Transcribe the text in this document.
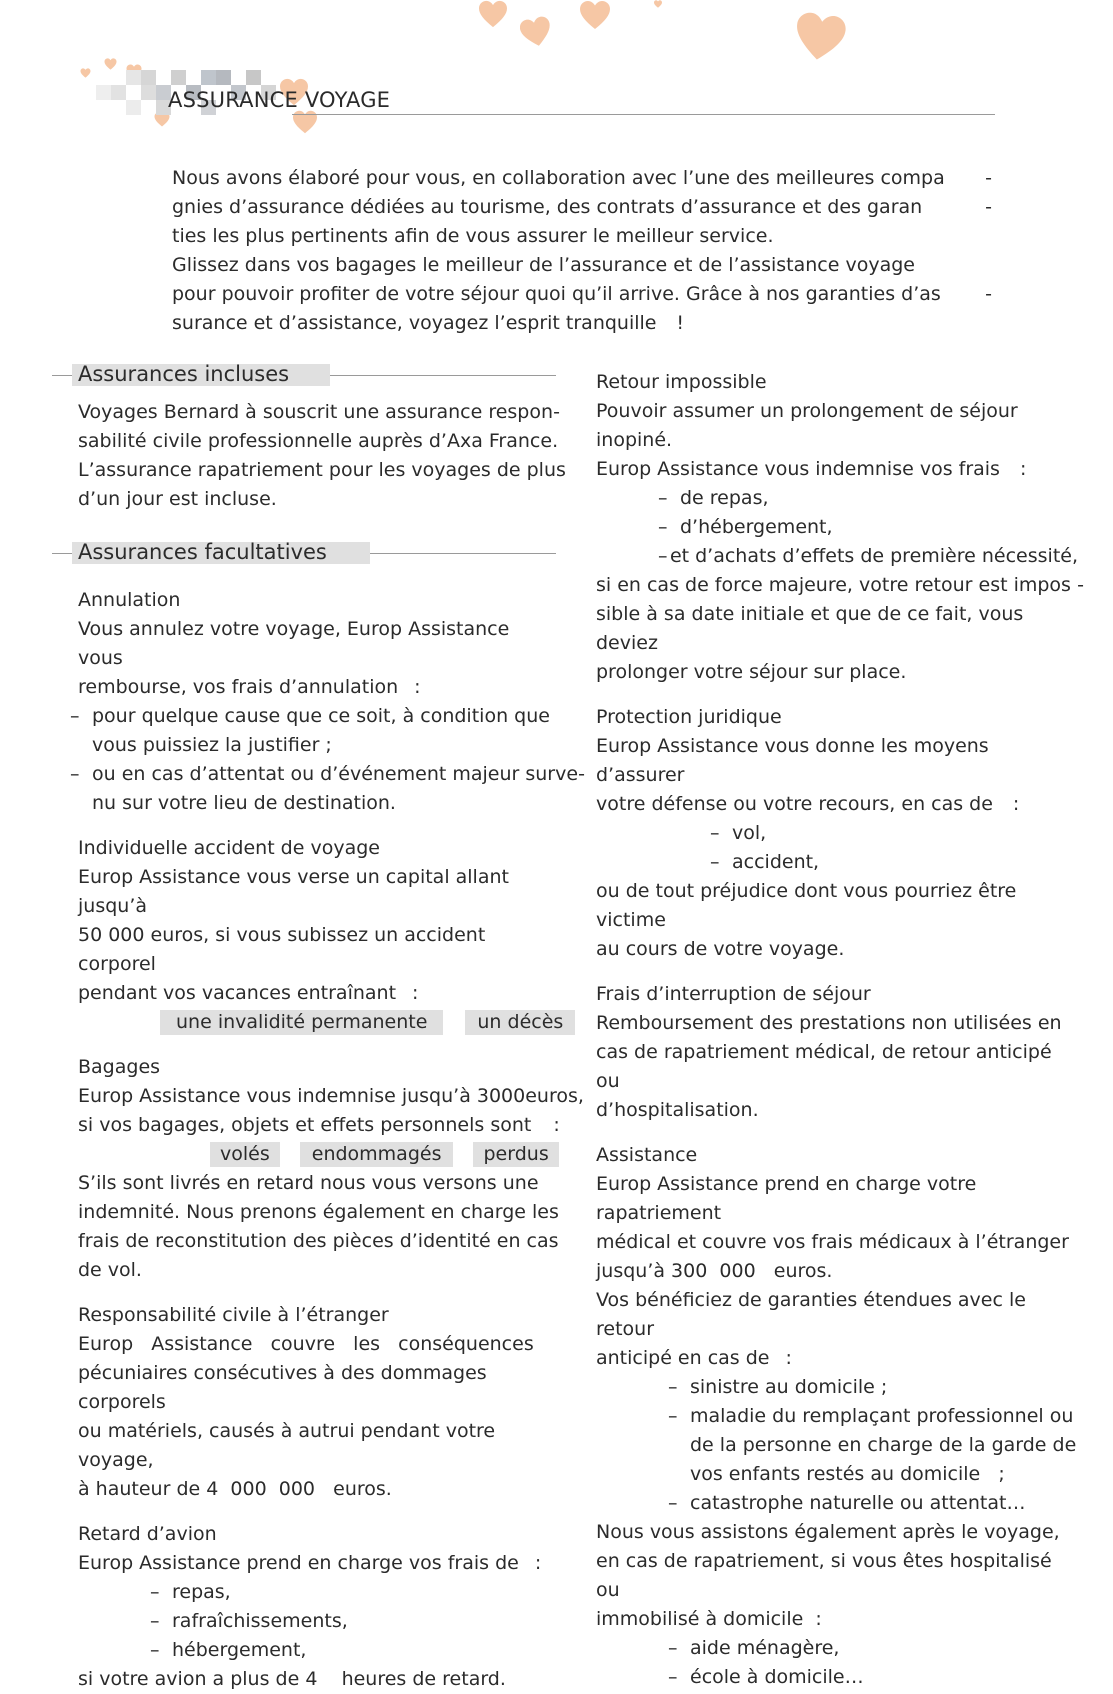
ASSURANCE VOYAGE
Nous avons élaboré pour vous, en collaboration avec l’une des meilleures compa -
gnies d’assurance dédiées au tourisme, des contrats d’assurance et des garan	-
ties les plus pertinents afin de vous assurer le meilleur service.
Glissez dans vos bagages le meilleur de l’assurance et de l’assistance voyage
pour pouvoir profiter de votre séjour quoi qu’il arrive. Grâce à nos garanties d’as -
surance et d’assistance, voyagez l’esprit tranquille !
Assurances incluses
Voyages Bernard à souscrit une assurance respon -
sabilité civile professionnelle auprès d’Axa France.
L’assurance rapatriement pour les voyages de plus
d’un jour est incluse.
Assurances facultatives
Annulation
Vous annulez votre voyage, Europ Assistance vous
rembourse, vos frais d’annulation :
– pour quelque cause que ce soit, à condition que
vous puissiez la justifier ;
– ou en cas d’attentat ou d’événement majeur surve -
nu sur votre lieu de destination.
Individuelle accident de voyage
Europ Assistance vous verse un capital allant jusqu’à
50 000 euros, si vous subissez un accident corporel
pendant vos vacances entraînant :
une invalidité permanente	un décès
Bagages
Europ Assistance vous indemnise jusqu’à 3000 euros,
si vos bagages, objets et effets personnels sont :
volés	endommagés	perdus
S’ils sont livrés en retard nous vous versons une
indemnité. Nous prenons également en charge les
frais de reconstitution des pièces d’identité en cas
de vol.
Responsabilité civile à l’étranger
Europ   Assistance   couvre   les   conséquences
pécuniaires consécutives à des dommages corporels
ou matériels, causés à autrui pendant votre voyage,
à hauteur de 4  000  000   euros.
Retard d’avion
Europ Assistance prend en charge vos frais de :
– repas,
– rafraîchissements,
– hébergement,
si votre avion a plus de 4    heures de retard.
Retour impossible
Pouvoir assumer un prolongement de séjour inopiné.
Europ Assistance vous indemnise vos frais :
– de repas,
– d’hébergement,
– et d’achats d’effets de première nécessité,
si en cas de force majeure, votre retour est impos -
sible à sa date initiale et que de ce fait, vous deviez
prolonger votre séjour sur place.
Protection juridique
Europ Assistance vous donne les moyens d’assurer
votre défense ou votre recours, en cas de :
– vol,
– accident,
ou de tout préjudice dont vous pourriez être victime
au cours de votre voyage.
Frais d’interruption de séjour
Remboursement des prestations non utilisées en
cas de rapatriement médical, de retour anticipé ou
d’hospitalisation.
Assistance
Europ Assistance prend en charge votre rapatriement
médical et couvre vos frais médicaux à l’étranger
jusqu’à 300  000   euros.
Vos bénéficiez de garanties étendues avec le retour
anticipé en cas de :
– sinistre au domicile ;
– maladie du remplaçant professionnel ou
de la personne en charge de la garde de
vos enfants restés au domicile   ;
– catastrophe naturelle ou attentat…
Nous vous assistons également après le voyage,
en cas de rapatriement, si vous êtes hospitalisé ou
immobilisé à domicile  :
– aide ménagère,
– école à domicile…
